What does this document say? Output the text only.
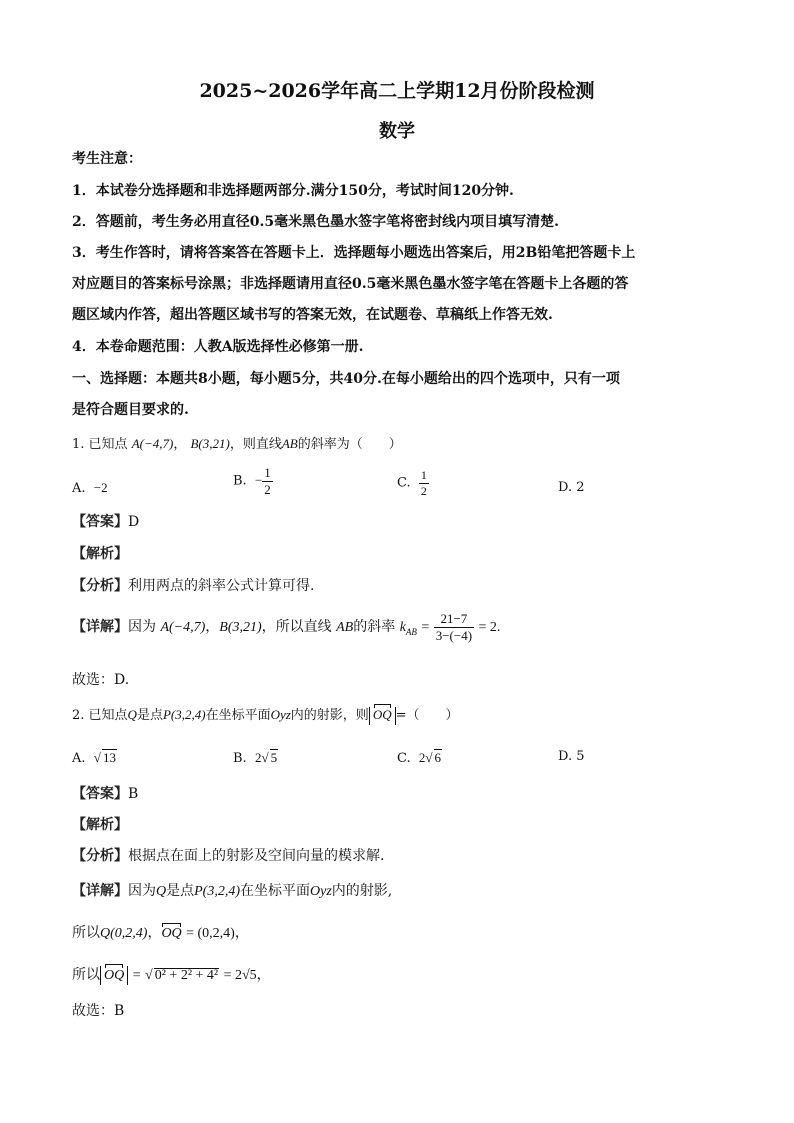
2025~2026学年高二上学期12月份阶段检测
数学
考生注意：
1．本试卷分选择题和非选择题两部分.满分150分，考试时间120分钟.
2．答题前，考生务必用直径0.5毫米黑色墨水签字笔将密封线内项目填写清楚.
3．考生作答时，请将答案答在答题卡上．选择题每小题选出答案后，用2B铅笔把答题卡上
对应题目的答案标号涂黑；非选择题请用直径0.5毫米黑色墨水签字笔在答题卡上各题的答
题区域内作答，超出答题区域书写的答案无效，在试题卷、草稿纸上作答无效.
4．本卷命题范围：人教A版选择性必修第一册.
一、选择题：本题共8小题，每小题5分，共40分.在每小题给出的四个选项中，只有一项
是符合题目要求的.
1. 已知点 A(−4,7)， B(3,21)，则直线AB的斜率为（　　）
A. −2	B. − $\frac{1}{2}$	C. $\frac{1}{2}$	D. 2
【答案】D
【解析】
【分析】利用两点的斜率公式计算可得.
【详解】因为 A(−4,7)，B(3,21)，所以直线 AB的斜率 $k_{AB} = \frac{21-7}{3-(-4)} = 2$.
故选：D.
2. 已知点Q是点P(3,2,4)在坐标平面Oyz内的射影，则 OQ =（　　）
A. √ 13	B. 2√ 5	C. 2√ 6	D. 5
【答案】B
【解析】
【分析】根据点在面上的射影及空间向量的模求解.
【详解】因为Q是点P(3,2,4)在坐标平面Oyz内的射影,
所以Q(0,2,4)，OQ = (0,2,4)，
所以 OQ = √ 0² + 2² + 4² = 2√5，
故选：B
